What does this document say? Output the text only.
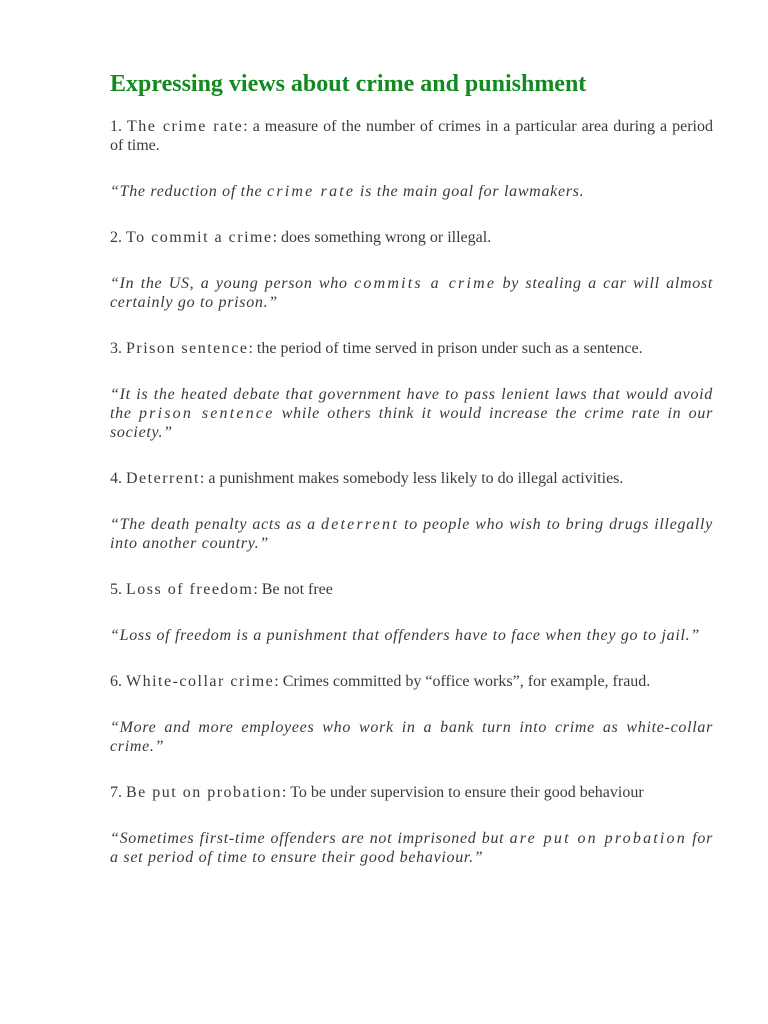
Expressing views about crime and punishment

1. The crime rate: a measure of the number of crimes in a particular area during a period of time.

“The reduction of the crime rate is the main goal for lawmakers.

2. To commit a crime: does something wrong or illegal.

“In the US, a young person who commits a crime by stealing a car will almost certainly go to prison.”

3. Prison sentence: the period of time served in prison under such as a sentence.

“It is the heated debate that government have to pass lenient laws that would avoid the prison sentence while others think it would increase the crime rate in our society.”

4. Deterrent: a punishment makes somebody less likely to do illegal activities.

“The death penalty acts as a deterrent to people who wish to bring drugs illegally into another country.”

5. Loss of freedom: Be not free

“Loss of freedom is a punishment that offenders have to face when they go to jail.”

6. White-collar crime: Crimes committed by “office works”, for example, fraud.

“More and more employees who work in a bank turn into crime as white-collar crime.”

7. Be put on probation: To be under supervision to ensure their good behaviour

“Sometimes first-time offenders are not imprisoned but are put on probation for a set period of time to ensure their good behaviour.”
